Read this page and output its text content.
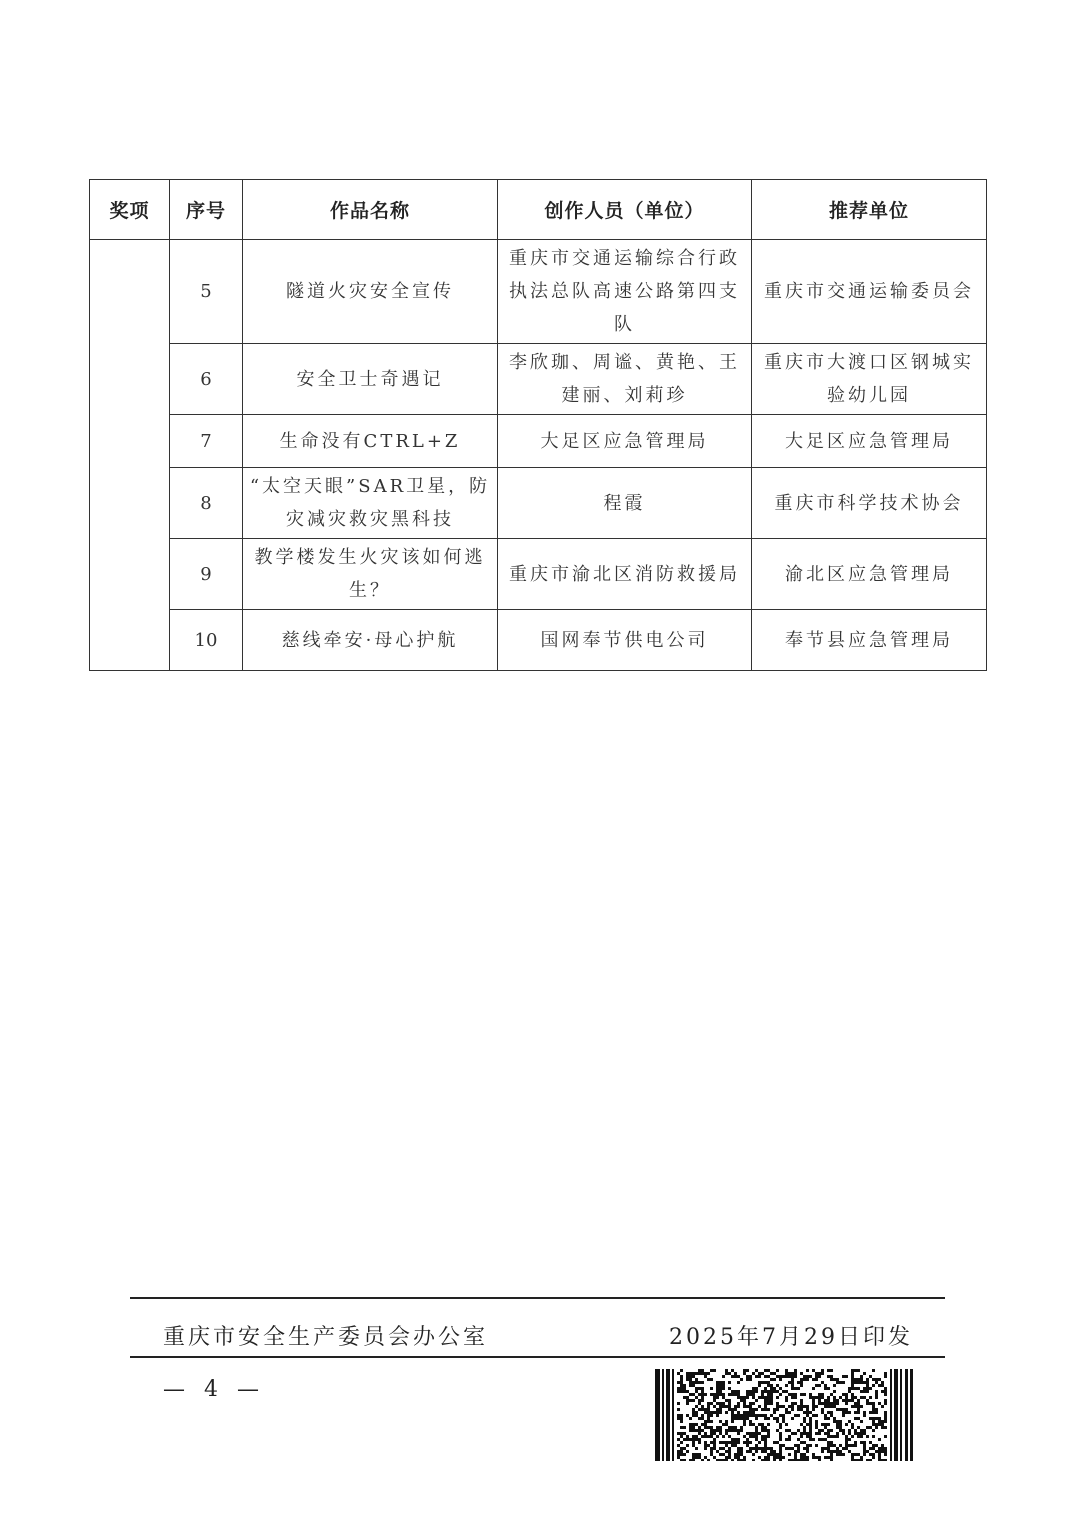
奖项	序号	作品名称	创作人员（单位）	推荐单位
	5	隧道火灾安全宣传	重庆市交通运输综合行政执法总队高速公路第四支队	重庆市交通运输委员会
	6	安全卫士奇遇记	李欣珈、周谧、黄艳、王建丽、刘莉珍	重庆市大渡口区钢城实验幼儿园
	7	生命没有CTRL+Z	大足区应急管理局	大足区应急管理局
	8	“太空天眼”SAR卫星，防灾减灾救灾黑科技	程霞	重庆市科学技术协会
	9	教学楼发生火灾该如何逃生？	重庆市渝北区消防救援局	渝北区应急管理局
	10	慈线牵安·母心护航	国网奉节供电公司	奉节县应急管理局
重庆市安全生产委员会办公室	2025年7月29日印发
— 4 —
